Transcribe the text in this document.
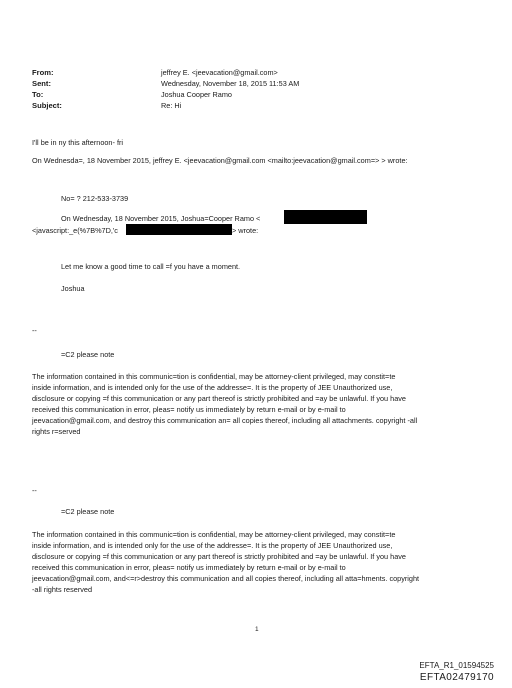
From:	jeffrey E. <jeevacation@gmail.com>
Sent:	Wednesday, November 18, 2015 11:53 AM
To:	Joshua Cooper Ramo
Subject:	Re: Hi
I'll be in ny this afternoon- fri
On Wednesda=, 18 November 2015, jeffrey E. <jeevacation@gmail.com <mailto:jeevacation@gmail.com=> > wrote:
No= ? 212-533-3739
On Wednesday, 18 November 2015, Joshua=Cooper Ramo <
<javascript:_e(%7B%7D,'c	> wrote:
Let me know a good time to call =f you have a moment.
Joshua
--
=C2 please note
The information contained in this communic=tion is confidential, may be attorney-client privileged, may constit=te
inside information, and is intended only for the use of the addresse=. It is the property of JEE Unauthorized use,
disclosure or copying =f this communication or any part thereof is strictly prohibited and =ay be unlawful. If you have
received this communication in error, pleas= notify us immediately by return e-mail or by e-mail to
jeevacation@gmail.com, and destroy this communication an= all copies thereof, including all attachments. copyright -all
rights r=served
--
=C2 please note
The information contained in this communic=tion is confidential, may be attorney-client privileged, may constit=te
inside information, and is intended only for the use of the addresse=. It is the property of JEE Unauthorized use,
disclosure or copying =f this communication or any part thereof is strictly prohibited and =ay be unlawful. If you have
received this communication in error, pleas= notify us immediately by return e-mail or by e-mail to
jeevacation@gmail.com, and<=r>destroy this communication and all copies thereof, including all atta=hments. copyright
-all rights reserved
1
EFTA_R1_01594525
EFTA02479170
